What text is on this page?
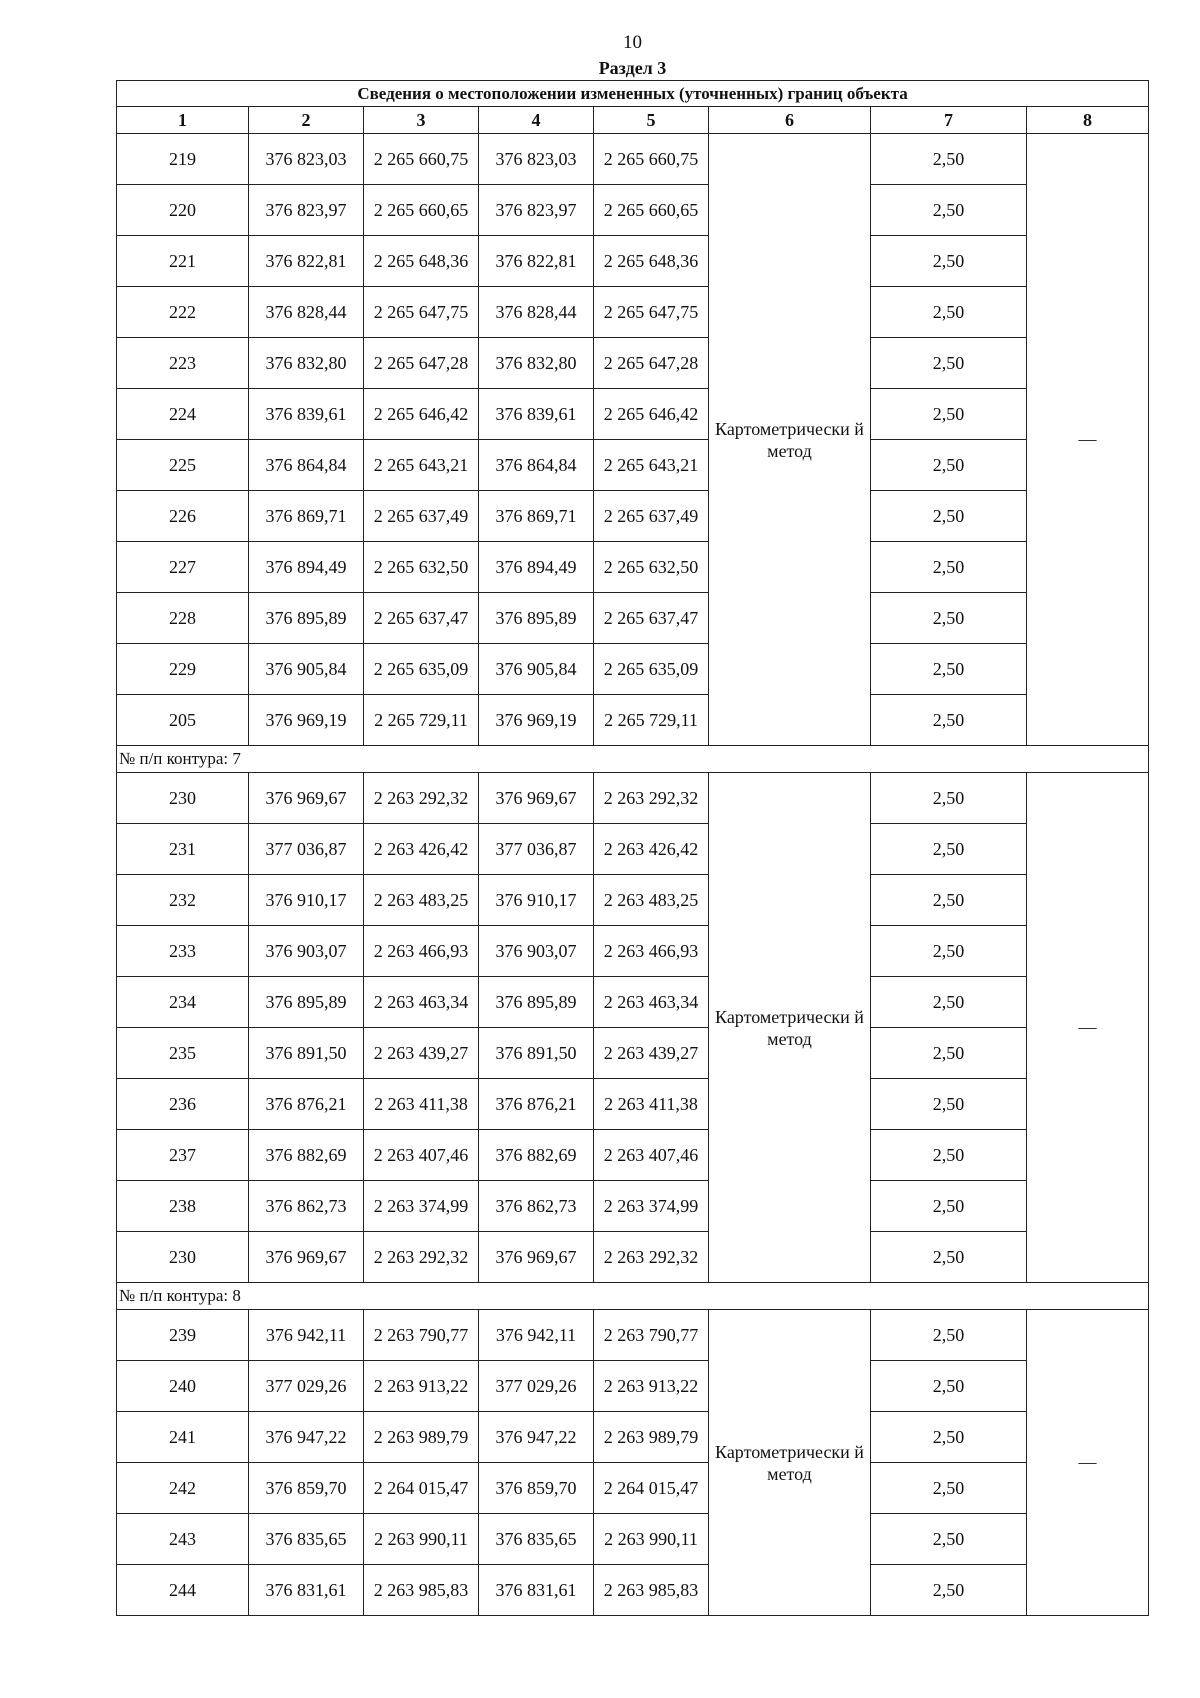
10
Раздел 3
Сведения о местоположении измененных (уточненных) границ объекта							
1	2	3	4	5	6	7	8
219	376 823,03	2 265 660,75	376 823,03	2 265 660,75	Картометрически й метод	2,50	—
220	376 823,97	2 265 660,65	376 823,97	2 265 660,65		2,50	
221	376 822,81	2 265 648,36	376 822,81	2 265 648,36		2,50	
222	376 828,44	2 265 647,75	376 828,44	2 265 647,75		2,50	
223	376 832,80	2 265 647,28	376 832,80	2 265 647,28		2,50	
224	376 839,61	2 265 646,42	376 839,61	2 265 646,42		2,50	
225	376 864,84	2 265 643,21	376 864,84	2 265 643,21		2,50	
226	376 869,71	2 265 637,49	376 869,71	2 265 637,49		2,50	
227	376 894,49	2 265 632,50	376 894,49	2 265 632,50		2,50	
228	376 895,89	2 265 637,47	376 895,89	2 265 637,47		2,50	
229	376 905,84	2 265 635,09	376 905,84	2 265 635,09		2,50	
205	376 969,19	2 265 729,11	376 969,19	2 265 729,11		2,50	
№ п/п контура: 7							
230	376 969,67	2 263 292,32	376 969,67	2 263 292,32	Картометрически й метод	2,50	—
231	377 036,87	2 263 426,42	377 036,87	2 263 426,42		2,50	
232	376 910,17	2 263 483,25	376 910,17	2 263 483,25		2,50	
233	376 903,07	2 263 466,93	376 903,07	2 263 466,93		2,50	
234	376 895,89	2 263 463,34	376 895,89	2 263 463,34		2,50	
235	376 891,50	2 263 439,27	376 891,50	2 263 439,27		2,50	
236	376 876,21	2 263 411,38	376 876,21	2 263 411,38		2,50	
237	376 882,69	2 263 407,46	376 882,69	2 263 407,46		2,50	
238	376 862,73	2 263 374,99	376 862,73	2 263 374,99		2,50	
230	376 969,67	2 263 292,32	376 969,67	2 263 292,32		2,50	
№ п/п контура: 8							
239	376 942,11	2 263 790,77	376 942,11	2 263 790,77	Картометрически й метод	2,50	—
240	377 029,26	2 263 913,22	377 029,26	2 263 913,22		2,50	
241	376 947,22	2 263 989,79	376 947,22	2 263 989,79		2,50	
242	376 859,70	2 264 015,47	376 859,70	2 264 015,47		2,50	
243	376 835,65	2 263 990,11	376 835,65	2 263 990,11		2,50	
244	376 831,61	2 263 985,83	376 831,61	2 263 985,83		2,50	
